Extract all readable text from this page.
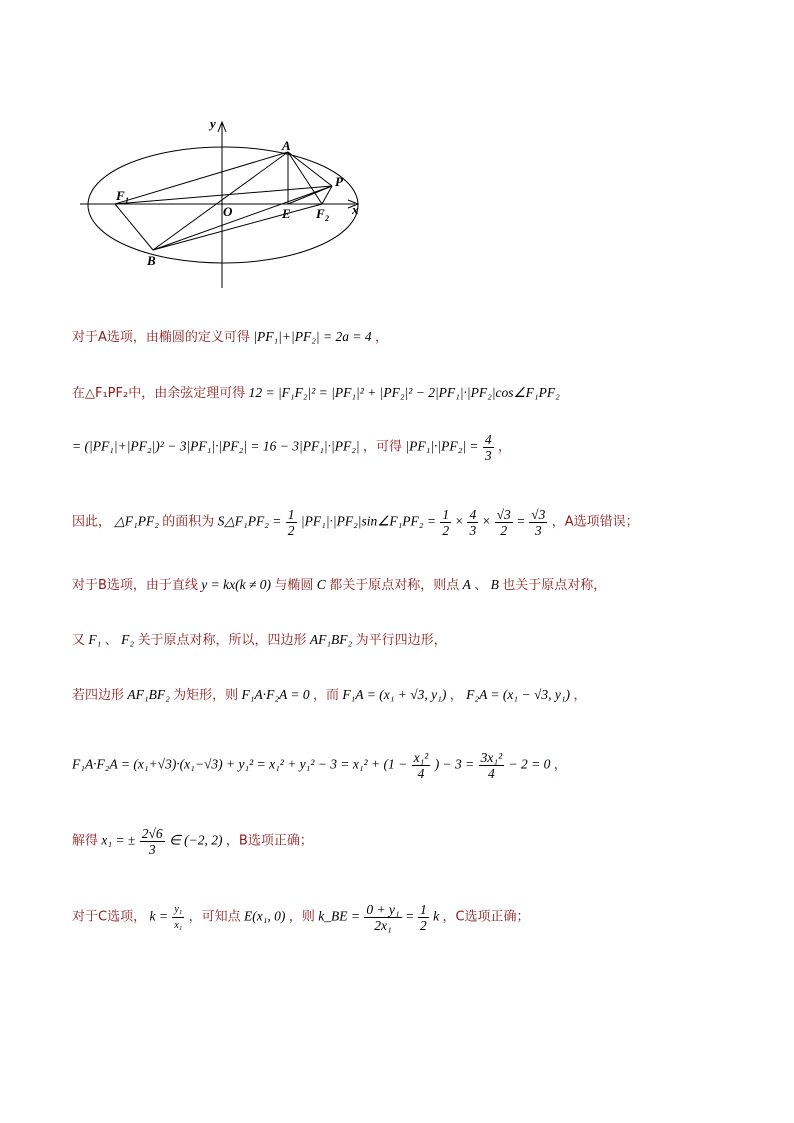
y
x
A
P
F 1
O	E F 2
B
对于A选项，由椭圆的定义可得 |PF₁|+|PF₂| = 2a = 4 ，
在△F₁PF₂中，由余弦定理可得 12 = |F₁F₂|² = |PF₁|² + |PF₂|² − 2|PF₁|·|PF₂|cos∠F₁PF₂
= (|PF₁|+|PF₂|)² − 3|PF₁|·|PF₂| = 16 − 3|PF₁|·|PF₂| ，可得 $|PF_1|\cdot|PF_2| = \frac{4}{3}$ ，
因此， △F₁PF₂ 的面积为 S△F₁PF₂ = $\frac{1}{2}$ |PF₁|·|PF₂|sin∠F₁PF₂ = $\frac{1}{2} \times \frac{4}{3} \times \frac{√3}{2} = \frac{√3}{3}$ ，A选项错误；
对于B选项，由于直线 y = kx(k ≠ 0) 与椭圆 C 都关于原点对称，则点 A 、 B 也关于原点对称，
又 F₁ 、 F₂ 关于原点对称，所以，四边形 AF₁BF₂ 为平行四边形，
若四边形 AF₁BF₂ 为矩形，则 F₁A·F₂A = 0 ，而 F₁A = (x₁ + √3, y₁) ， F₂A = (x₁ − √3, y₁) ，
$F_1A\cdot F_2A = (x_1+√3)\cdot(x_1-√3) + y_1^2 = x_1^2 + y_1^2 - 3 = x_1^2 + (1 - \frac{\text{x₁²}}{4}$ ) − $3 = \frac{\text{3x₁²}}{4} - 2 = 0$ ，
解得 x₁ = ± $\frac{2√6}{3}$ ∈ (−2, 2) ，B选项正确；
对于C选项， $k = \frac{\text{y₁}}{\text{x₁}}$ ，可知点 E(x₁, 0) ，则 k_BE = $\frac{\text{0 + y₁}}{\text{2x₁}} = \frac{1}{2}$ k ，C选项正确；
